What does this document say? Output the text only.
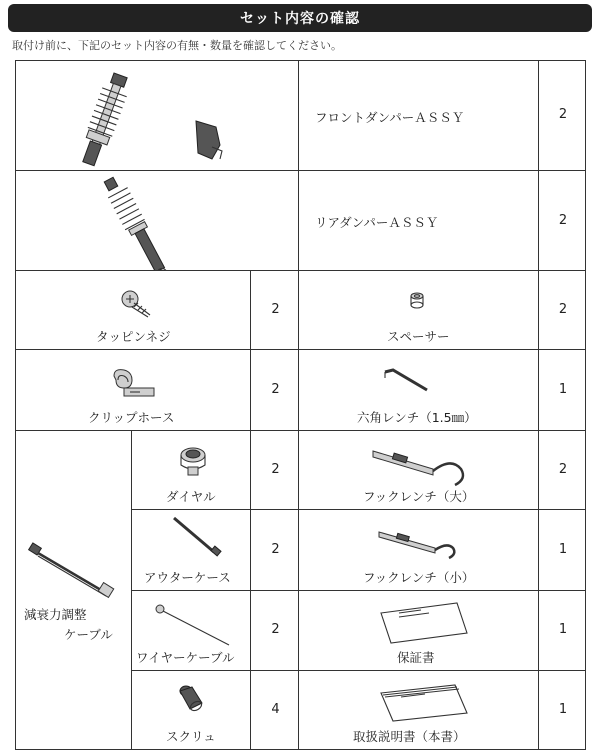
セット内容の確認
取付け前に、下記のセット内容の有無・数量を確認してください。
フロントダンパーＡＳＳＹ	2
リアダンパーＡＳＳＹ	2
タッピンネジ
2
スペーサー
2
クリップホース
2
六角レンチ（1.5㎜）
1
減衰力調整
ケーブル
ダイヤル
2
フックレンチ（大）
2
アウターケース
2
フックレンチ（小）
1
ワイヤーケーブル
2
保証書
1
スクリュ
4
取扱説明書（本書）
1
